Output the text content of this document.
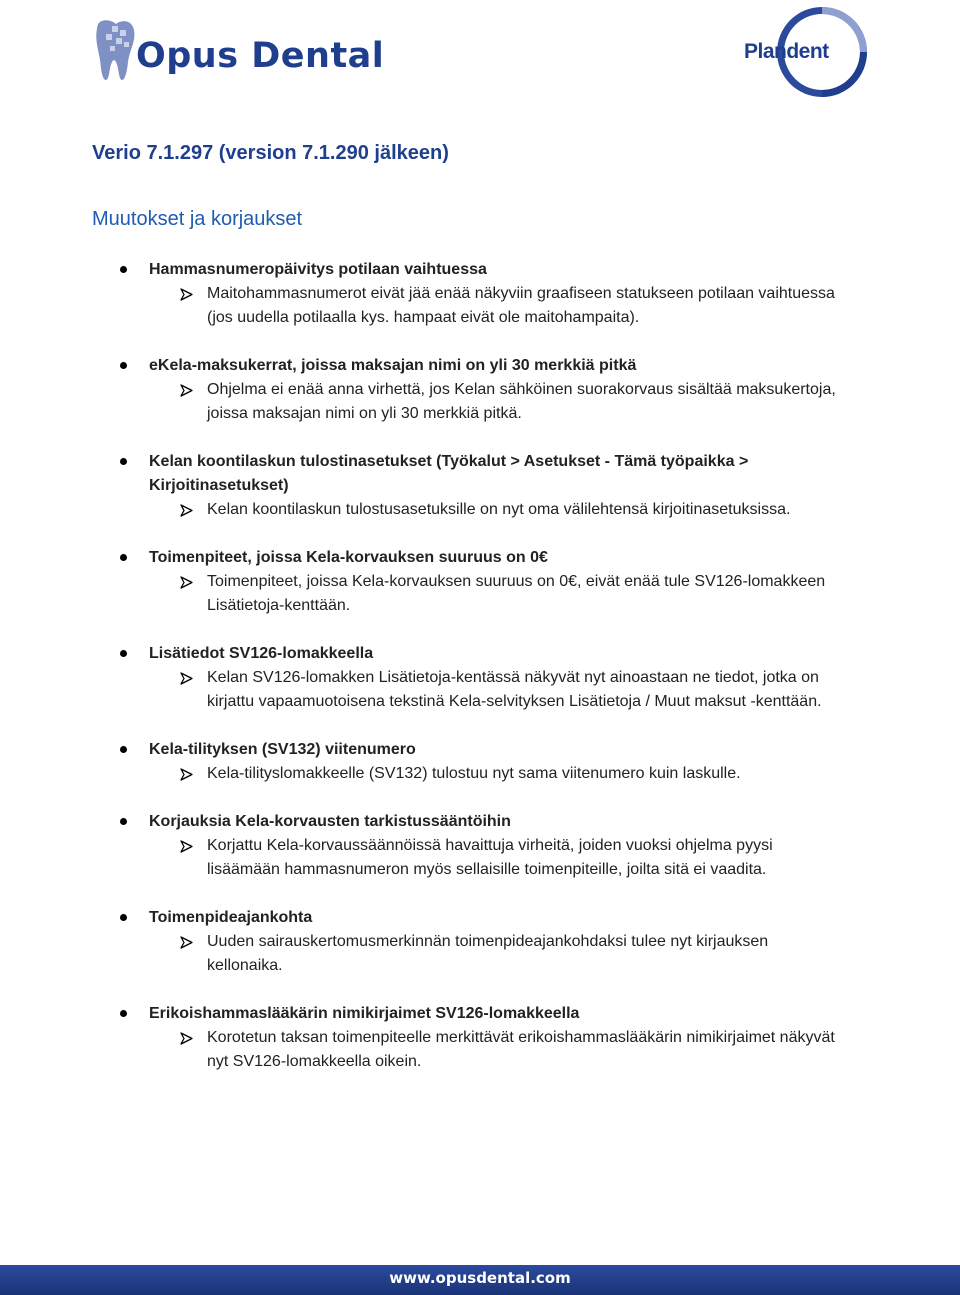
Opus Dental	Plandent
Verio 7.1.297 (version 7.1.290 jälkeen)
Muutokset ja korjaukset
Hammasnumeropäivitys potilaan vaihtuessa
Maitohammasnumerot eivät jää enää näkyviin graafiseen statukseen potilaan vaihtuessa (jos uudella potilaalla kys. hampaat eivät ole maitohampaita).
eKela-maksukerrat, joissa maksajan nimi on yli 30 merkkiä pitkä
Ohjelma ei enää anna virhettä, jos Kelan sähköinen suorakorvaus sisältää maksukertoja, joissa maksajan nimi on yli 30 merkkiä pitkä.
Kelan koontilaskun tulostinasetukset (Työkalut > Asetukset - Tämä työpaikka > Kirjoitinasetukset)
Kelan koontilaskun tulostusasetuksille on nyt oma välilehtensä kirjoitinasetuksissa.
Toimenpiteet, joissa Kela-korvauksen suuruus on 0€
Toimenpiteet, joissa Kela-korvauksen suuruus on 0€, eivät enää tule SV126-lomakkeen Lisätietoja-kenttään.
Lisätiedot SV126-lomakkeella
Kelan SV126-lomakken Lisätietoja-kentässä näkyvät nyt ainoastaan ne tiedot, jotka on kirjattu vapaamuotoisena tekstinä Kela-selvityksen Lisätietoja / Muut maksut -kenttään.
Kela-tilityksen (SV132) viitenumero
Kela-tilityslomakkeelle (SV132) tulostuu nyt sama viitenumero kuin laskulle.
Korjauksia Kela-korvausten tarkistussääntöihin
Korjattu Kela-korvaussäännöissä havaittuja virheitä, joiden vuoksi ohjelma pyysi lisäämään hammasnumeron myös sellaisille toimenpiteille, joilta sitä ei vaadita.
Toimenpideajankohta
Uuden sairauskertomusmerkinnän toimenpideajankohdaksi tulee nyt kirjauksen kellonaika.
Erikoishammaslääkärin nimikirjaimet SV126-lomakkeella
Korotetun taksan toimenpiteelle merkittävät erikoishammaslääkärin nimikirjaimet näkyvät nyt SV126-lomakkeella oikein.
www.opusdental.com
